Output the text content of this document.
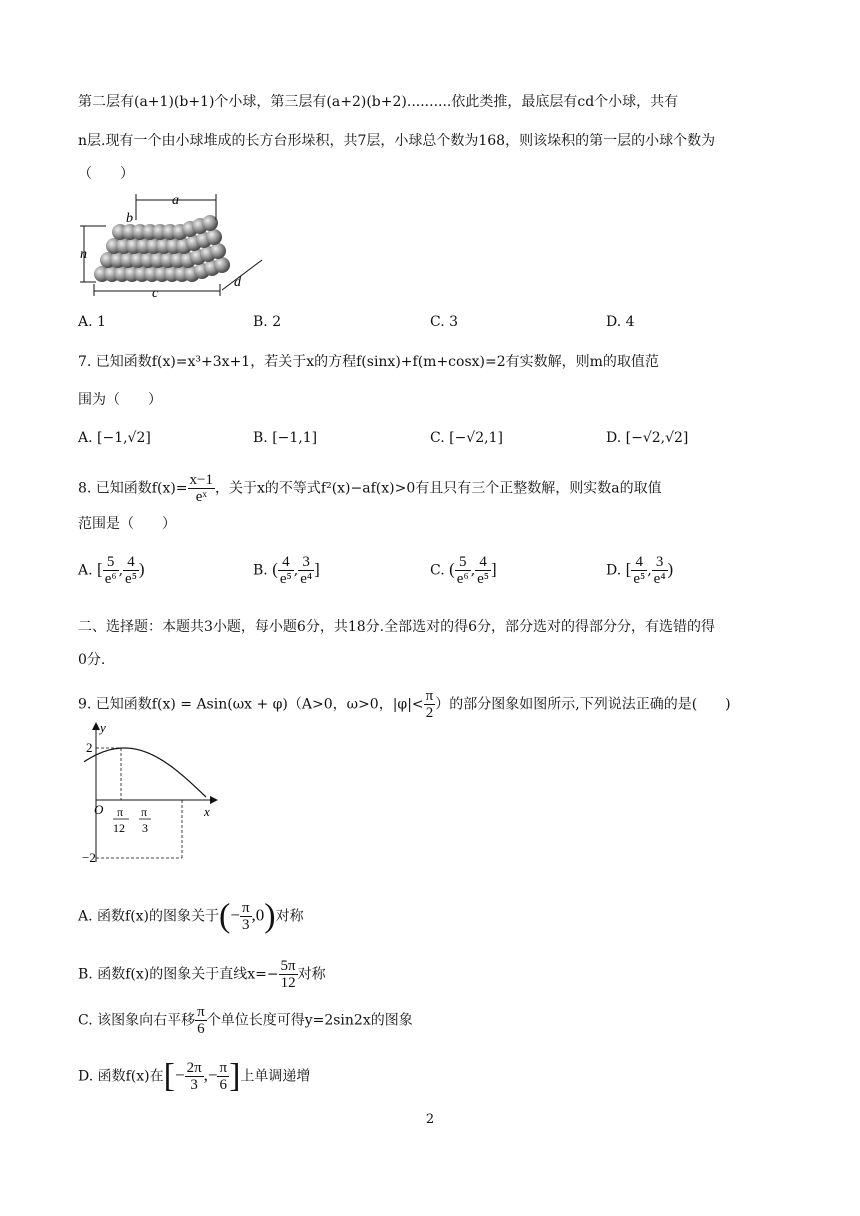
第二层有(a+1)(b+1)个小球，第三层有(a+2)(b+2)..........依此类推，最底层有cd个小球，共有
n层.现有一个由小球堆成的长方台形垛积，共7层，小球总个数为168，则该垛积的第一层的小球个数为
（　　）
a
b
n
c
d
A. 1	B. 2	C. 3	D. 4
7. 已知函数f(x)=x³+3x+1，若关于x的方程f(sinx)+f(m+cosx)=2有实数解，则m的取值范
围为（　　）
A. [−1,√2]	B. [−1,1]	C. [−√2,1]	D. [−√2,√2]
8. 已知函数$f(x)= \frac{x-1}{\text{eˣ}}$ ，关于x的不等式f²(x)−af(x)>0有且只有三个正整数解，则实数a的取值
范围是（　　）
A. [ $\frac{5}{\text{e⁶}}$ , $\frac{4}{\text{e⁵}}$ )	B. ( $\frac{4}{\text{e⁵}}$ , $\frac{3}{\text{e⁴}}$ ]	C. ( $\frac{5}{\text{e⁶}}$ , $\frac{4}{\text{e⁵}}$ ]	D. [ $\frac{4}{\text{e⁵}}$ , $\frac{3}{\text{e⁴}}$ )
二、选择题：本题共3小题，每小题6分，共18分.全部选对的得6分，部分选对的得部分分，有选错的得
0分.
9. 已知函数f(x) = Asin(ωx + φ)（A>0，ω>0，$|\varphi|< \frac{\pi}{2}$ ）的部分图象如图所示,下列说法正确的是(　　)
y
x
O
2
−2
π
12
π
3
A. 函数f(x)的图象关于(− $\frac{\pi}{3} ,0$)对称
B. 函数f(x)的图象关于直线$x=- \frac{5\pi}{12}$ 对称
C. 该图象向右平移 $\frac{\pi}{6}$ 个单位长度可得y=2sin2x的图象
D. 函数f(x)在[− $\frac{2\pi}{3}$ ,− $\frac{\pi}{6}$ ]上单调递增
2
